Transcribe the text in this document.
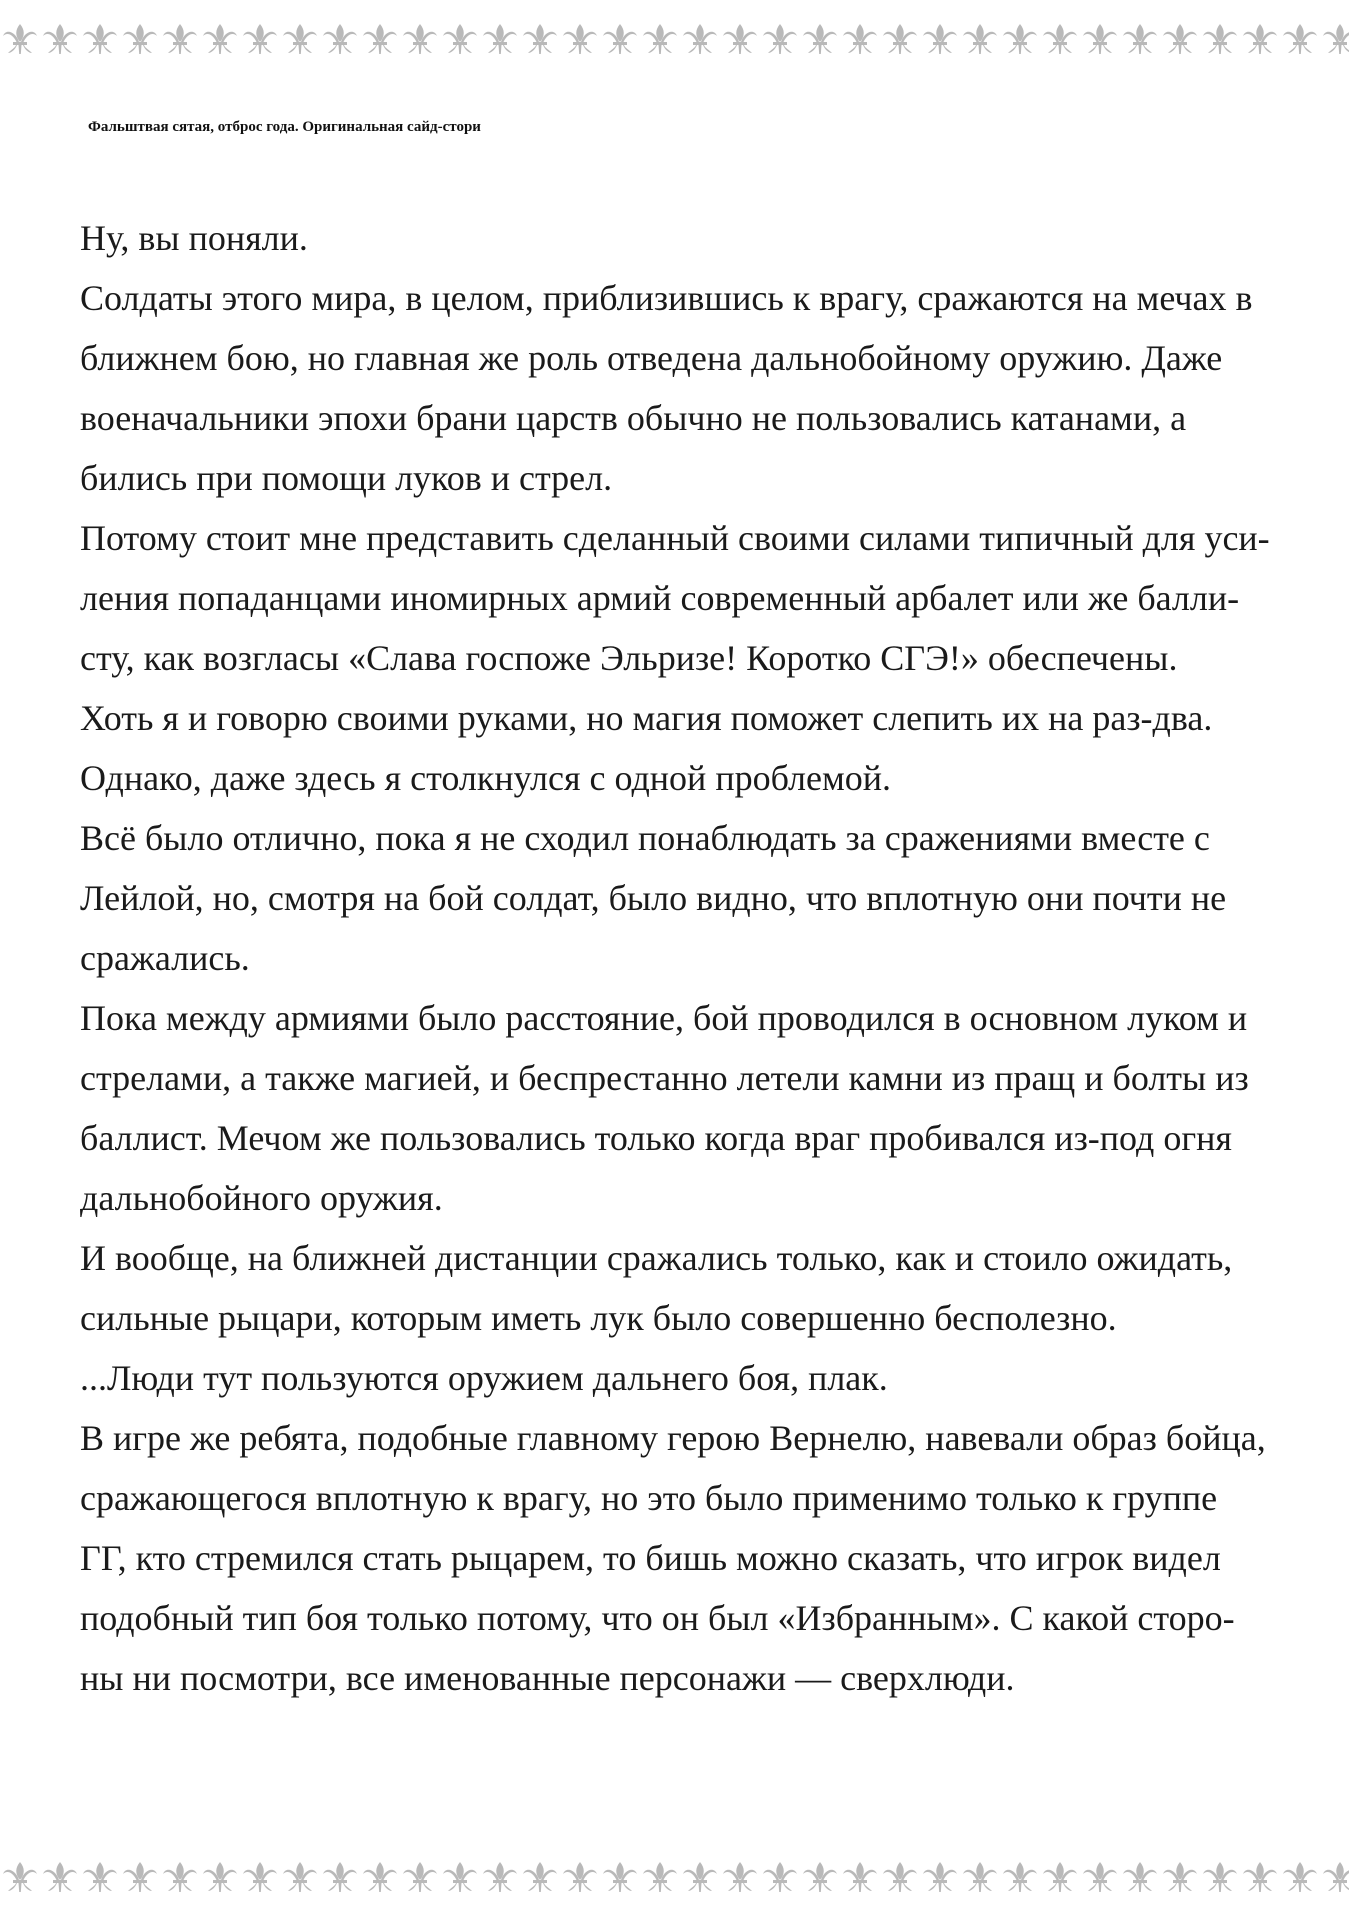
Фальштвая сятая, отброс года. Оригинальная сайд-стори

Ну, вы поняли.
Солдаты этого мира, в целом, приблизившись к врагу, сражаются на мечах в
ближнем бою, но главная же роль отведена дальнобойному оружию. Даже
военачальники эпохи брани царств обычно не пользовались катанами, а
бились при помощи луков и стрел.
Потому стоит мне представить сделанный своими силами типичный для уси-
ления попаданцами иномирных армий современный арбалет или же балли-
сту, как возгласы «Слава госпоже Эльризе! Коротко СГЭ!» обеспечены.
Хоть я и говорю своими руками, но магия поможет слепить их на раз-два.
Однако, даже здесь я столкнулся с одной проблемой.
Всё было отлично, пока я не сходил понаблюдать за сражениями вместе с
Лейлой, но, смотря на бой солдат, было видно, что вплотную они почти не
сражались.
Пока между армиями было расстояние, бой проводился в основном луком и
стрелами, а также магией, и беспрестанно летели камни из пращ и болты из
баллист. Мечом же пользовались только когда враг пробивался из-под огня
дальнобойного оружия.
И вообще, на ближней дистанции сражались только, как и стоило ожидать,
сильные рыцари, которым иметь лук было совершенно бесполезно.
...Люди тут пользуются оружием дальнего боя, плак.
В игре же ребята, подобные главному герою Вернелю, навевали образ бойца,
сражающегося вплотную к врагу, но это было применимо только к группе
ГГ, кто стремился стать рыцарем, то бишь можно сказать, что игрок видел
подобный тип боя только потому, что он был «Избранным». С какой сторо-
ны ни посмотри, все именованные персонажи — сверхлюди.
